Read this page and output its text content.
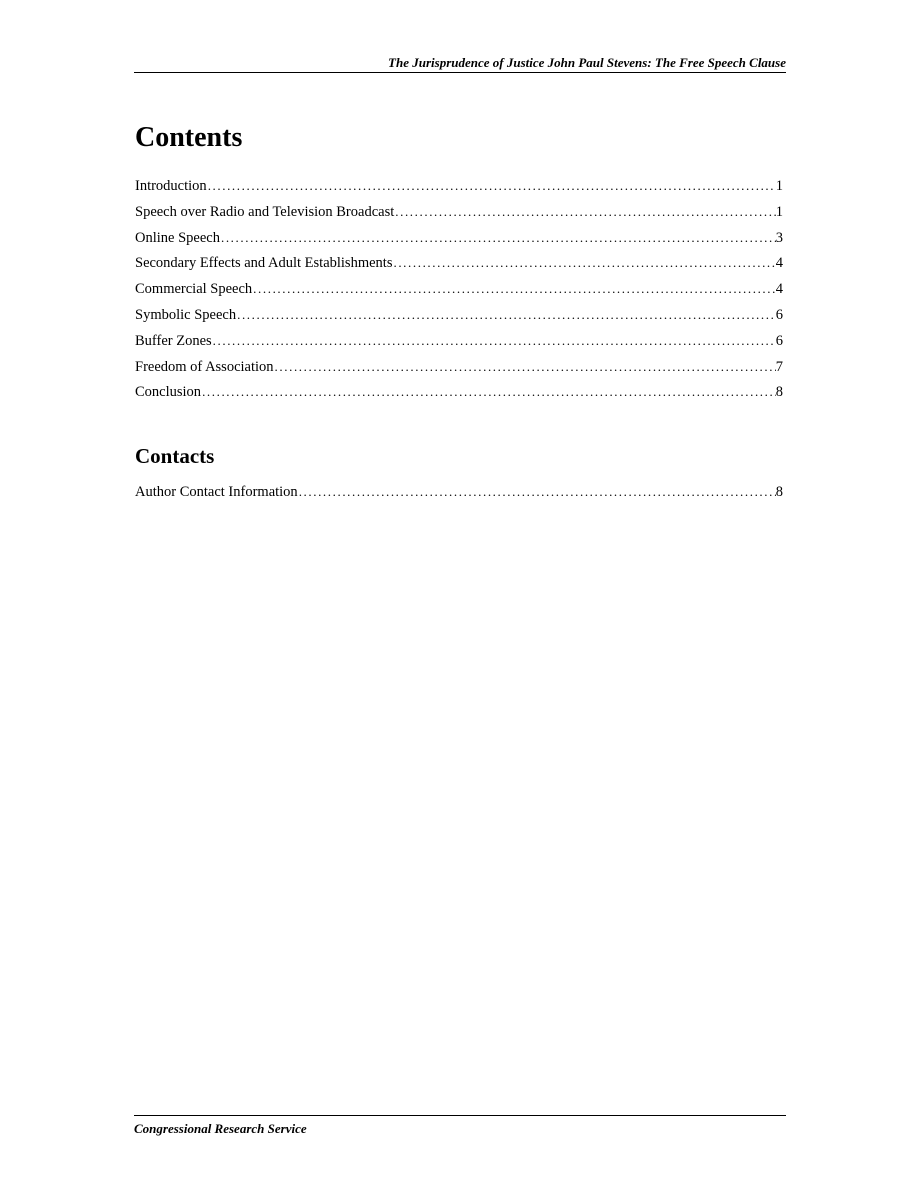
The Jurisprudence of Justice John Paul Stevens: The Free Speech Clause
Contents
Introduction .....	1
Speech over Radio and Television Broadcast .....	1
Online Speech .....	3
Secondary Effects and Adult Establishments .....	4
Commercial Speech .....	4
Symbolic Speech .....	6
Buffer Zones .....	6
Freedom of Association .....	7
Conclusion .....	8
Contacts
Author Contact Information .....	8
Congressional Research Service
